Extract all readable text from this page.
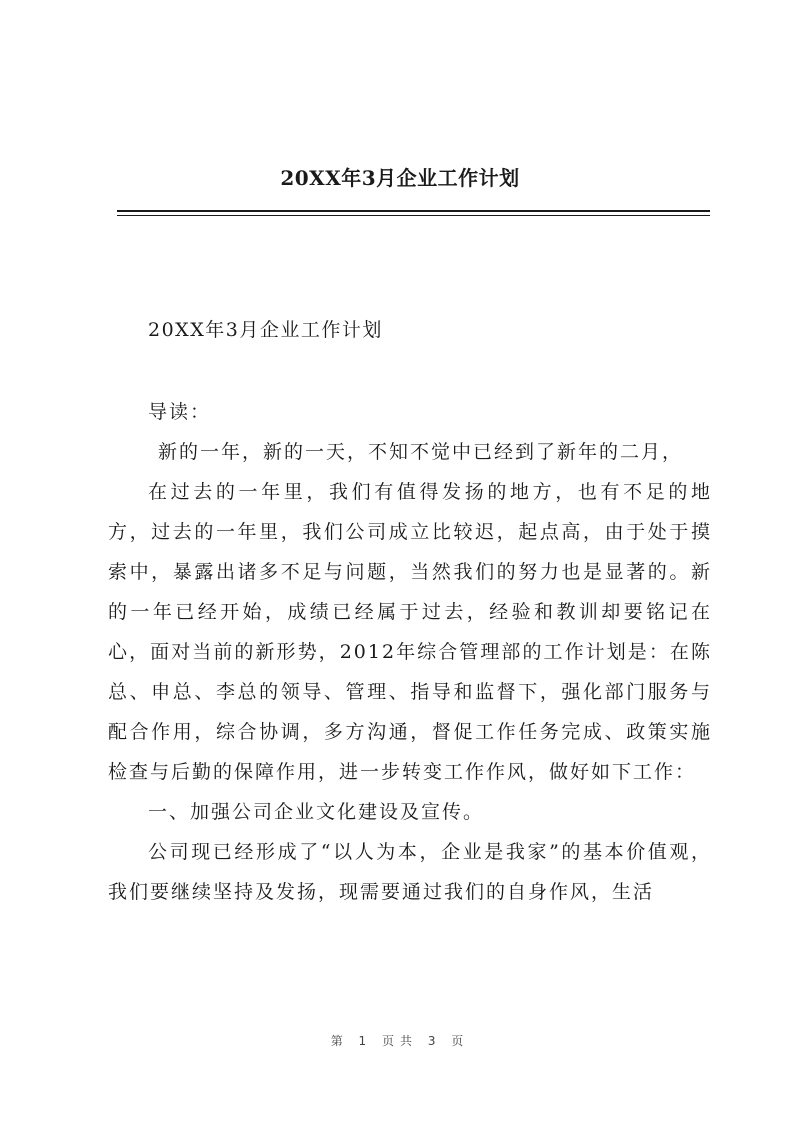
20XX年3月企业工作计划

20XX年3月企业工作计划

导读：

新的一年，新的一天，不知不觉中已经到了新年的二月，

在过去的一年里，我们有值得发扬的地方，也有不足的地方，过去的一年里，我们公司成立比较迟，起点高，由于处于摸索中，暴露出诸多不足与问题，当然我们的努力也是显著的。新的一年已经开始，成绩已经属于过去，经验和教训却要铭记在心，面对当前的新形势，2012年综合管理部的工作计划是：在陈总、申总、李总的领导、管理、指导和监督下，强化部门服务与配合作用，综合协调，多方沟通，督促工作任务完成、政策实施检查与后勤的保障作用，进一步转变工作作风，做好如下工作：

一、加强公司企业文化建设及宣传。

公司现已经形成了“以人为本，企业是我家”的基本价值观，我们要继续坚持及发扬，现需要通过我们的自身作风，生活

第 1 页共 3 页
